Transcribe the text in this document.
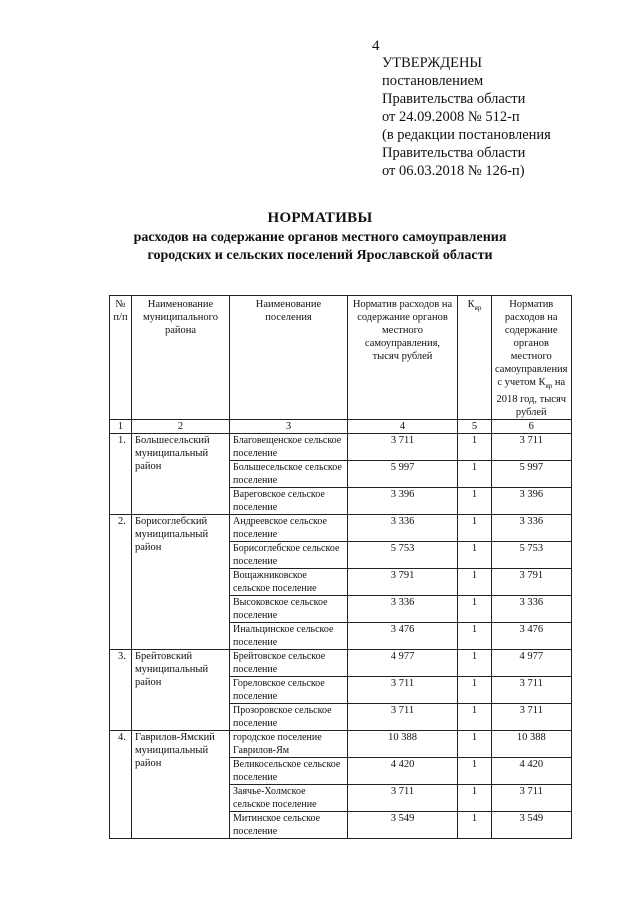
4
УТВЕРЖДЕНЫ
постановлением
Правительства области
от 24.09.2008 № 512-п
(в редакции постановления
Правительства области
от 06.03.2018 № 126-п)
НОРМАТИВЫ
расходов на содержание органов местного самоуправления
городских и сельских поселений Ярославской области
№ п/п	Наименование муниципального района	Наименование поселения	Норматив расходов на содержание органов местного самоуправления, тысяч рублей	$К_{яр}$	Норматив расходов на содержание органов местного самоуправления с учетом $К_{яр}$ на 2018 год, тысяч рублей
1	2	3	4	5	6
1.	Большесельский муниципальный район	Благовещенское сельское поселение	3 711	1	3 711
		Большесельское сельское поселение	5 997	1	5 997
		Вареговское сельское поселение	3 396	1	3 396
2.	Борисоглебский муниципальный район	Андреевское сельское поселение	3 336	1	3 336
		Борисоглебское сельское поселение	5 753	1	5 753
		Вощажниковское сельское поселение	3 791	1	3 791
		Высоковское сельское поселение	3 336	1	3 336
		Инальцинское сельское поселение	3 476	1	3 476
3.	Брейтовский муниципальный район	Брейтовское сельское поселение	4 977	1	4 977
		Гореловское сельское поселение	3 711	1	3 711
		Прозоровское сельское поселение	3 711	1	3 711
4.	Гаврилов-Ямский муниципальный район	городское поселение Гаврилов-Ям	10 388	1	10 388
		Великосельское сельское поселение	4 420	1	4 420
		Заячье-Холмское сельское поселение	3 711	1	3 711
		Митинское сельское поселение	3 549	1	3 549
